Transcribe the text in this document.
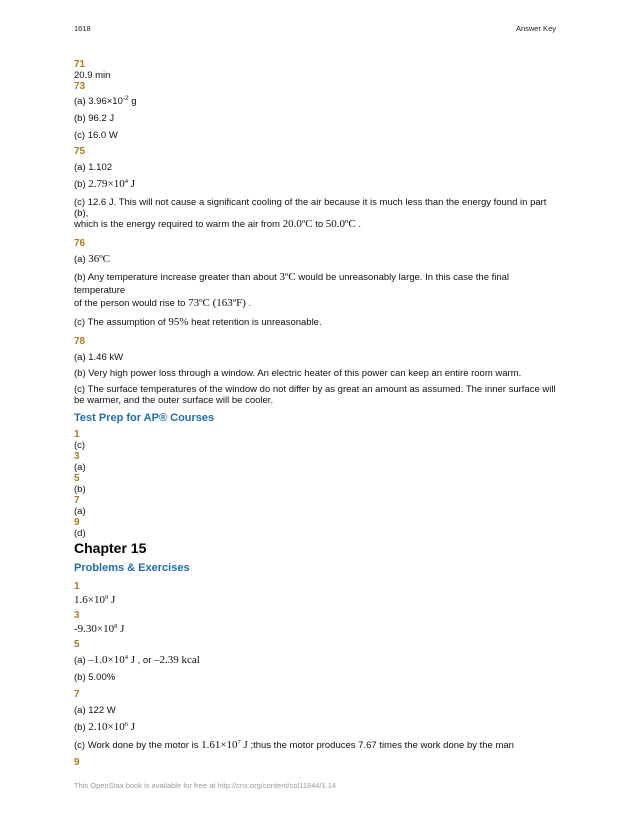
1618	Answer Key
71
20.9 min
73
(a) $3.96\times 10^{-2}$ g
(b) 96.2 J
(c) 16.0 W
75
(a) 1.102
(b) $2.79\times 10^4$ J
(c) 12.6 J. This will not cause a significant cooling of the air because it is much less than the energy found in part (b),
which is the energy required to warm the air from 20.0ºC to 50.0ºC .
76
(a) 36ºC
(b) Any temperature increase greater than about 3ºC would be unreasonably large. In this case the final temperature
of the person would rise to 73ºC (163ºF) .
(c) The assumption of 95% heat retention is unreasonable.
78
(a) 1.46 kW
(b) Very high power loss through a window. An electric heater of this power can keep an entire room warm.
(c) The surface temperatures of the window do not differ by as great an amount as assumed. The inner surface will
be warmer, and the outer surface will be cooler.
Test Prep for AP® Courses
1
(c)
3
(a)
5
(b)
7
(a)
9
(d)
Chapter 15
Problems & Exercises
1
$1.6\times 10^9$ J
3
$-9.30\times 10^8$ J
5
(a) $-1.0\times 10^4$ J , or –2.39 kcal
(b) 5.00%
7
(a) 122 W
(b) $2.10\times 10^6$ J
(c) Work done by the motor is $1.61\times 10^7$ J ;thus the motor produces 7.67 times the work done by the man
9
This OpenStax book is available for free at http://cnx.org/content/col11844/1.14
